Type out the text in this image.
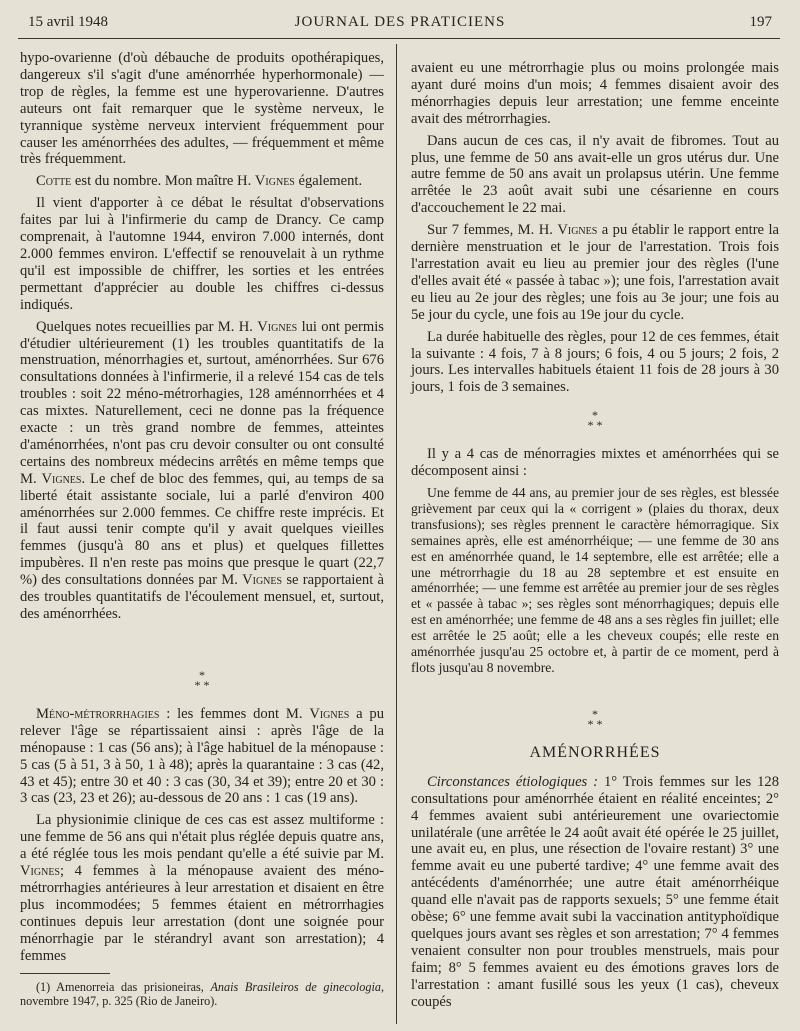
15 avril 1948	JOURNAL DES PRATICIENS	197

hypo-ovarienne (d'où débauche de produits opothérapiques, dangereux s'il s'agit d'une aménorrhée hyperhormonale) — trop de règles, la femme est une hyperovarienne. D'autres auteurs ont fait remarquer que le système nerveux, le tyrannique système nerveux intervient fréquemment pour causer les aménorrhées des adultes, — fréquemment et même très fréquemment.

Cotte est du nombre. Mon maître H. Vignes également.

Il vient d'apporter à ce débat le résultat d'observations faites par lui à l'infirmerie du camp de Drancy. Ce camp comprenait, à l'automne 1944, environ 7.000 internés, dont 2.000 femmes environ. L'effectif se renouvelait à un rythme qu'il est impossible de chiffrer, les sorties et les entrées permettant d'apprécier au double les chiffres ci-dessus indiqués.

Quelques notes recueillies par M. H. Vignes lui ont permis d'étudier ultérieurement (1) les troubles quantitatifs de la menstruation, ménorrhagies et, surtout, aménorrhées. Sur 676 consultations données à l'infirmerie, il a relevé 154 cas de tels troubles : soit 22 méno-métrorhagies, 128 aménnorrhées et 4 cas mixtes. Naturellement, ceci ne donne pas la fréquence exacte : un très grand nombre de femmes, atteintes d'aménorrhées, n'ont pas cru devoir consulter ou ont consulté certains des nombreux médecins arrêtés en même temps que M. Vignes. Le chef de bloc des femmes, qui, au temps de sa liberté était assistante sociale, lui a parlé d'environ 400 aménorrhées sur 2.000 femmes. Ce chiffre reste imprécis. Et il faut aussi tenir compte qu'il y avait quelques vieilles femmes (jusqu'à 80 ans et plus) et quelques fillettes impubères. Il n'en reste pas moins que presque le quart (22,7 %) des consultations données par M. Vignes se rapportaient à des troubles quantitatifs de l'écoulement mensuel, et, surtout, des aménorrhées.

*
* *

Méno-métrorrhagies : les femmes dont M. Vignes a pu relever l'âge se répartissaient ainsi : après l'âge de la ménopause : 1 cas (56 ans); à l'âge habituel de la ménopause : 5 cas (5 à 51, 3 à 50, 1 à 48); après la quarantaine : 3 cas (42, 43 et 45); entre 30 et 40 : 3 cas (30, 34 et 39); entre 20 et 30 : 3 cas (23, 23 et 26); au-dessous de 20 ans : 1 cas (19 ans).

La physionimie clinique de ces cas est assez multiforme : une femme de 56 ans qui n'était plus réglée depuis quatre ans, a été réglée tous les mois pendant qu'elle a été suivie par M. Vignes; 4 femmes à la ménopause avaient des méno-métrorrhagies antérieures à leur arrestation et disaient en être plus incommodées; 5 femmes étaient en métrorrhagies continues depuis leur arrestation (dont une soignée pour ménorrhagie par le stérandryl avant son arrestation); 4 femmes

(1) Amenorreia das prisioneiras, Anais Brasileiros de ginecologia, novembre 1947, p. 325 (Rio de Janeiro).

avaient eu une métrorrhagie plus ou moins prolongée mais ayant duré moins d'un mois; 4 femmes disaient avoir des ménorrhagies depuis leur arrestation; une femme enceinte avait des métrorrhagies.

Dans aucun de ces cas, il n'y avait de fibromes. Tout au plus, une femme de 50 ans avait-elle un gros utérus dur. Une autre femme de 50 ans avait un prolapsus utérin. Une femme arrêtée le 23 août avait subi une césarienne en cours d'accouchement le 22 mai.

Sur 7 femmes, M. H. Vignes a pu établir le rapport entre la dernière menstruation et le jour de l'arrestation. Trois fois l'arrestation avait eu lieu au premier jour des règles (l'une d'elles avait été « passée à tabac »); une fois, l'arrestation avait eu lieu au 2e jour des règles; une fois au 3e jour; une fois au 5e jour du cycle, une fois au 19e jour du cycle.

La durée habituelle des règles, pour 12 de ces femmes, était la suivante : 4 fois, 7 à 8 jours; 6 fois, 4 ou 5 jours; 2 fois, 2 jours. Les intervalles habituels étaient 11 fois de 28 jours à 30 jours, 1 fois de 3 semaines.

*
* *

Il y a 4 cas de ménorragies mixtes et aménorrhées qui se décomposent ainsi :

Une femme de 44 ans, au premier jour de ses règles, est blessée grièvement par ceux qui la « corrigent » (plaies du thorax, deux transfusions); ses règles prennent le caractère hémorragique. Six semaines après, elle est aménorrhéique; — une femme de 30 ans est en aménorrhée quand, le 14 septembre, elle est arrêtée; elle a une métrorrhagie du 18 au 28 septembre et est ensuite en aménorrhée; — une femme est arrêtée au premier jour de ses règles et « passée à tabac »; ses règles sont ménorrhagiques; depuis elle est en aménorrhée; une femme de 48 ans a ses règles fin juillet; elle est arrêtée le 25 août; elle a les cheveux coupés; elle reste en aménorrhée jusqu'au 25 octobre et, à partir de ce moment, perd à flots jusqu'au 8 novembre.

*
* *
AMÉNORRHÉES

Circonstances étiologiques : 1° Trois femmes sur les 128 consultations pour aménorrhée étaient en réalité enceintes; 2° 4 femmes avaient subi antérieurement une ovariectomie unilatérale (une arrêtée le 24 août avait été opérée le 25 juillet, une avait eu, en plus, une résection de l'ovaire restant) 3° une femme avait eu une puberté tardive; 4° une femme avait des antécédents d'aménorrhée; une autre était aménorrhéique quand elle n'avait pas de rapports sexuels; 5° une femme était obèse; 6° une femme avait subi la vaccination antityphoïdique quelques jours avant ses règles et son arrestation; 7° 4 femmes venaient consulter non pour troubles menstruels, mais pour faim; 8° 5 femmes avaient eu des émotions graves lors de l'arrestation : amant fusillé sous les yeux (1 cas), cheveux coupés
